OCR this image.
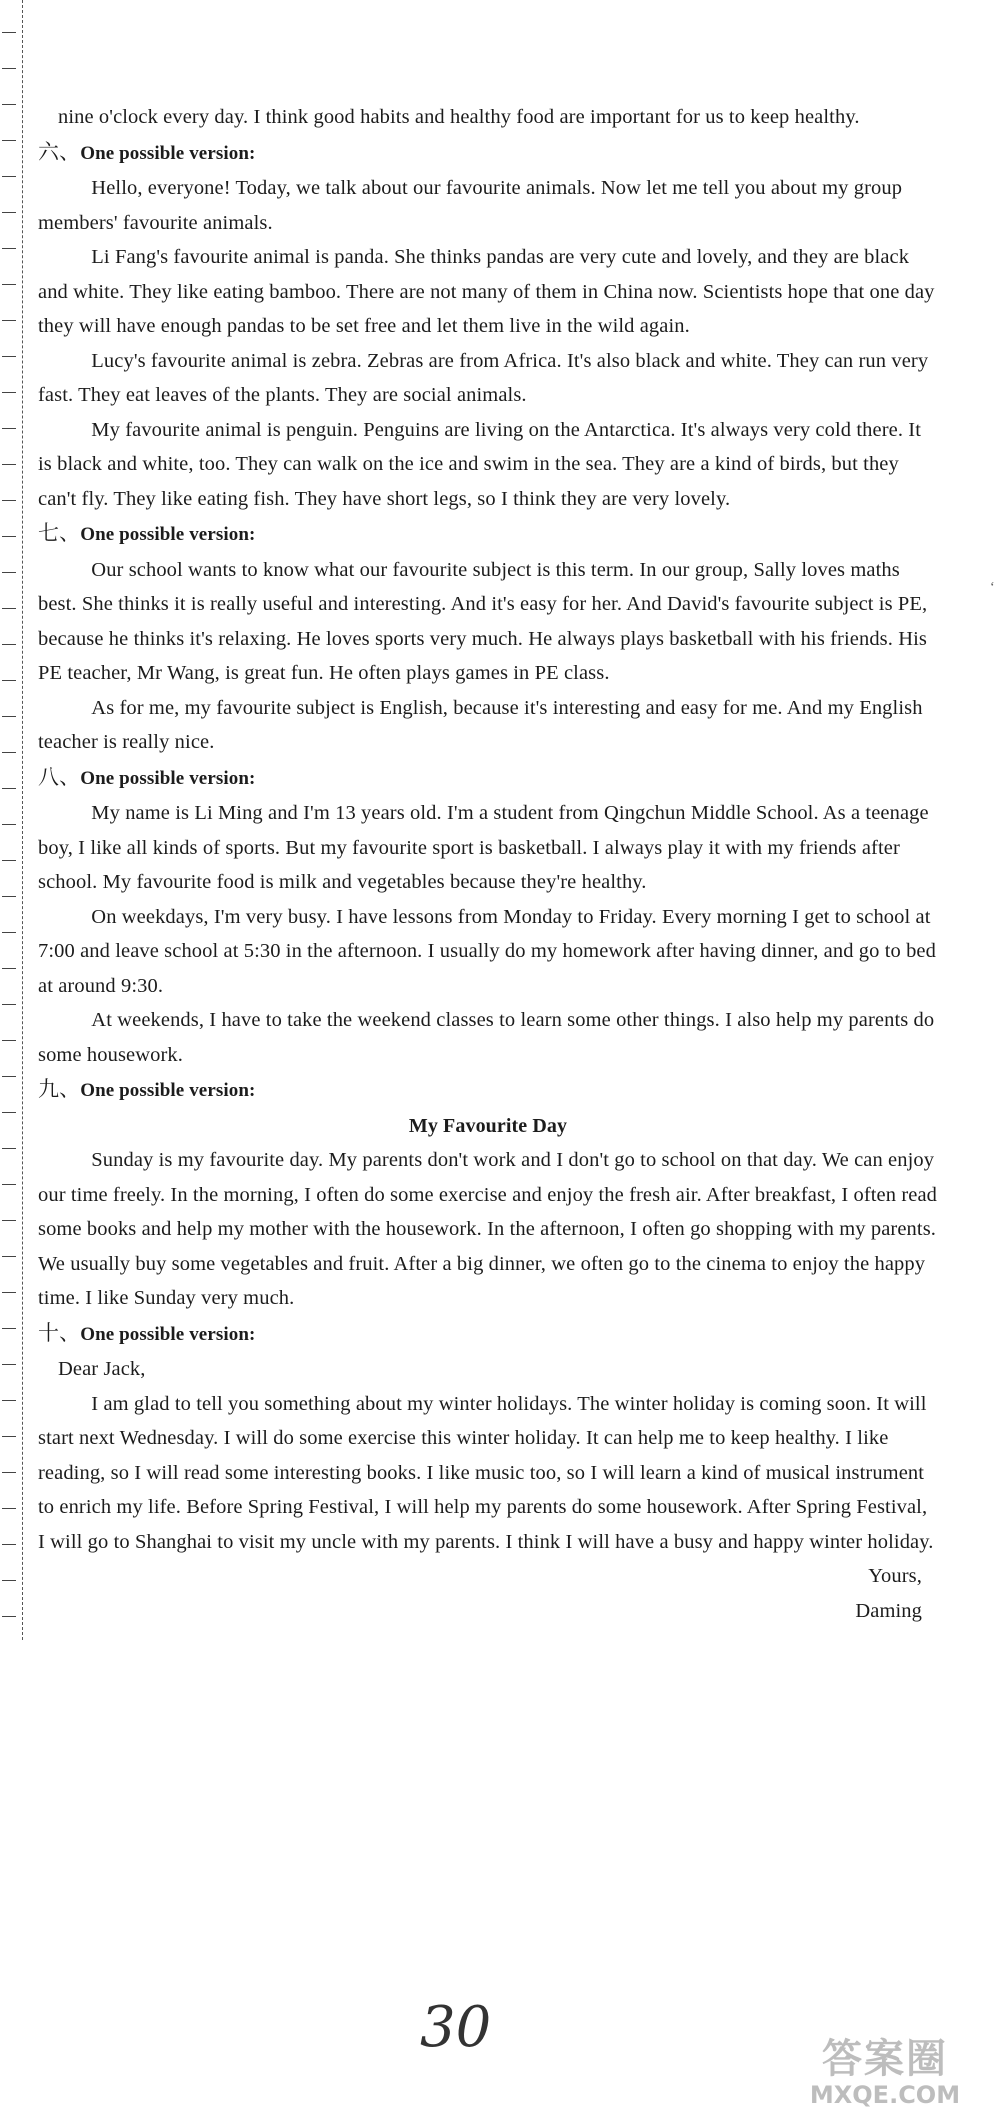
ʻ

nine o'clock every day. I think good habits and healthy food are important for us to keep healthy.

六、One possible version:

Hello, everyone! Today, we talk about our favourite animals. Now let me tell you about my group members' favourite animals.

Li Fang's favourite animal is panda. She thinks pandas are very cute and lovely, and they are black and white. They like eating bamboo. There are not many of them in China now. Scientists hope that one day they will have enough pandas to be set free and let them live in the wild again.

Lucy's favourite animal is zebra. Zebras are from Africa. It's also black and white. They can run very fast. They eat leaves of the plants. They are social animals.

My favourite animal is penguin. Penguins are living on the Antarctica. It's always very cold there. It is black and white, too. They can walk on the ice and swim in the sea. They are a kind of birds, but they can't fly. They like eating fish. They have short legs, so I think they are very lovely.

七、One possible version:

Our school wants to know what our favourite subject is this term. In our group, Sally loves maths best. She thinks it is really useful and interesting. And it's easy for her. And David's favourite subject is PE, because he thinks it's relaxing. He loves sports very much. He always plays basketball with his friends. His PE teacher, Mr Wang, is great fun. He often plays games in PE class.

As for me, my favourite subject is English, because it's interesting and easy for me. And my English teacher is really nice.

八、One possible version:

My name is Li Ming and I'm 13 years old. I'm a student from Qingchun Middle School. As a teenage boy, I like all kinds of sports. But my favourite sport is basketball. I always play it with my friends after school. My favourite food is milk and vegetables because they're healthy.

On weekdays, I'm very busy. I have lessons from Monday to Friday. Every morning I get to school at 7:00 and leave school at 5:30 in the afternoon. I usually do my homework after having dinner, and go to bed at around 9:30.

At weekends, I have to take the weekend classes to learn some other things. I also help my parents do some housework.

九、One possible version:

My Favourite Day

Sunday is my favourite day. My parents don't work and I don't go to school on that day. We can enjoy our time freely. In the morning, I often do some exercise and enjoy the fresh air. After breakfast, I often read some books and help my mother with the housework. In the afternoon, I often go shopping with my parents. We usually buy some vegetables and fruit. After a big dinner, we often go to the cinema to enjoy the happy time. I like Sunday very much.

十、One possible version:

Dear Jack,

I am glad to tell you something about my winter holidays. The winter holiday is coming soon. It will start next Wednesday. I will do some exercise this winter holiday. It can help me to keep healthy. I like reading, so I will read some interesting books. I like music too, so I will learn a kind of musical instrument to enrich my life. Before Spring Festival, I will help my parents do some housework. After Spring Festival, I will go to Shanghai to visit my uncle with my parents. I think I will have a busy and happy winter holiday.

Yours,

Daming

30	答案圈
MXQE.COM
